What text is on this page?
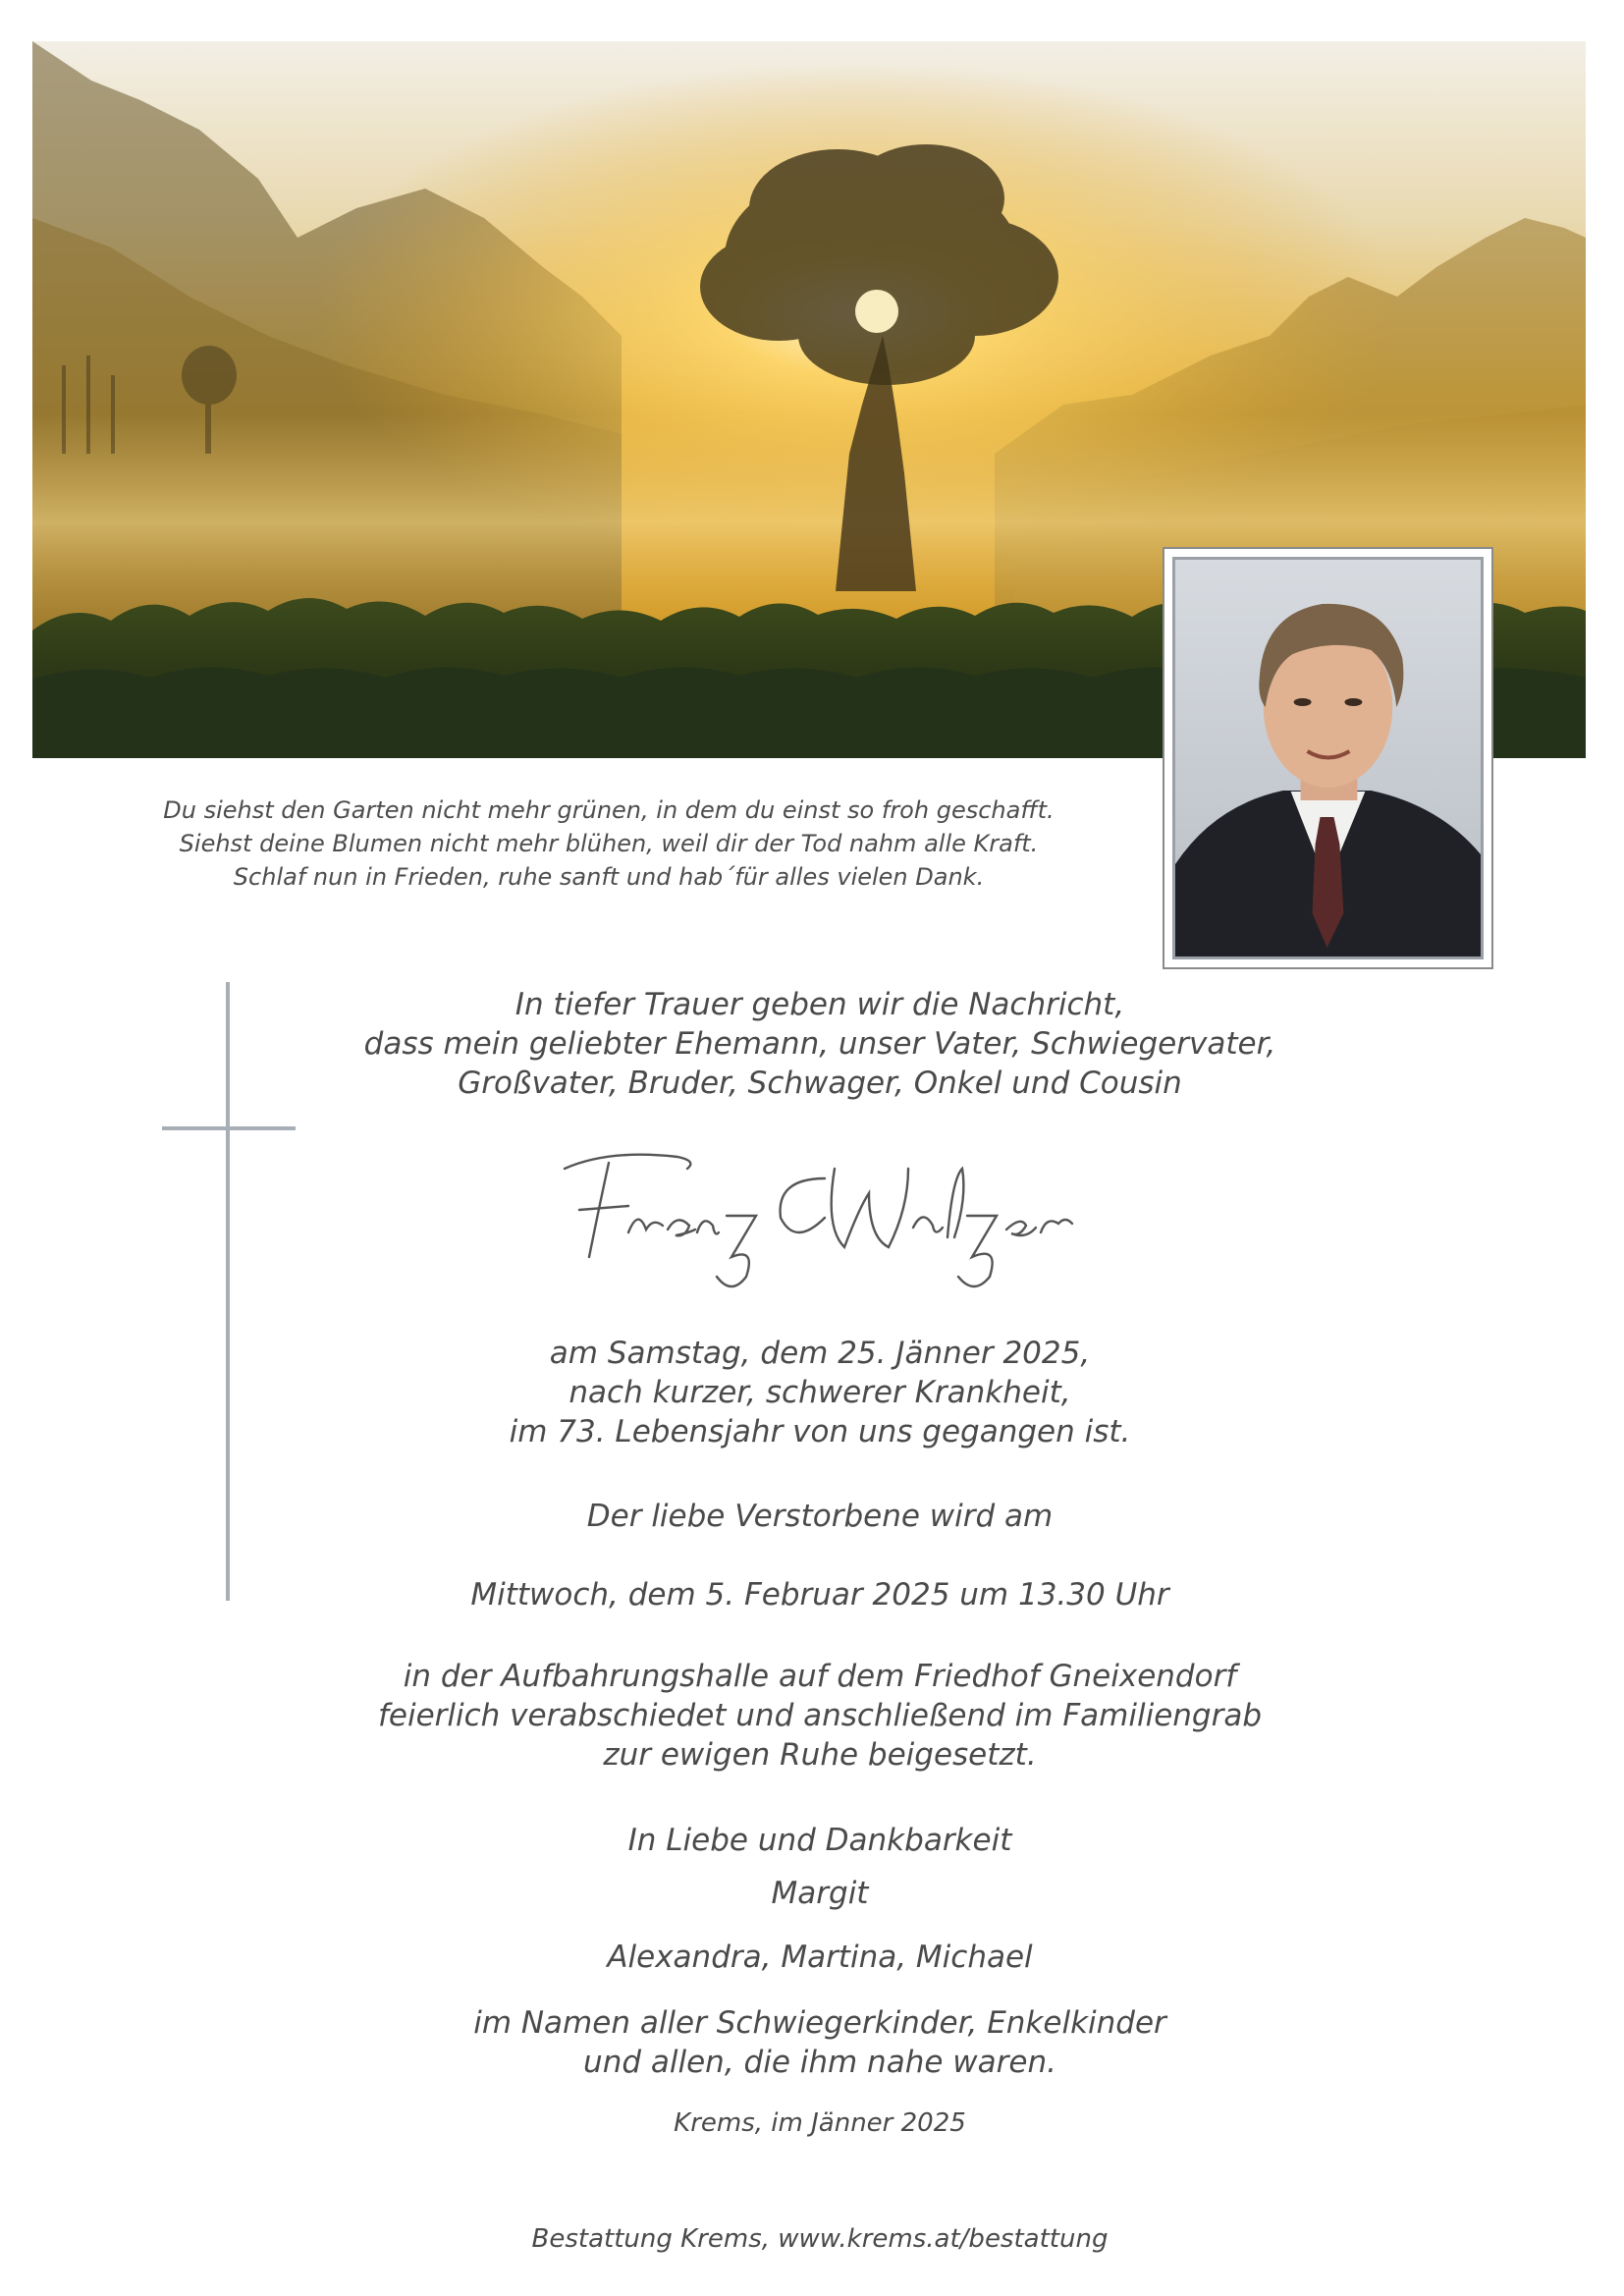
Du siehst den Garten nicht mehr grünen, in dem du einst so froh geschafft.
Siehst deine Blumen nicht mehr blühen, weil dir der Tod nahm alle Kraft.
Schlaf nun in Frieden, ruhe sanft und hab´für alles vielen Dank.
In tiefer Trauer geben wir die Nachricht,
dass mein geliebter Ehemann, unser Vater, Schwiegervater,
Großvater, Bruder, Schwager, Onkel und Cousin
am Samstag, dem 25. Jänner 2025,
nach kurzer, schwerer Krankheit,
im 73. Lebensjahr von uns gegangen ist.
Der liebe Verstorbene wird am
Mittwoch, dem 5. Februar 2025 um 13.30 Uhr
in der Aufbahrungshalle auf dem Friedhof Gneixendorf
feierlich verabschiedet und anschließend im Familiengrab
zur ewigen Ruhe beigesetzt.
In Liebe und Dankbarkeit
Margit
Alexandra, Martina, Michael
im Namen aller Schwiegerkinder, Enkelkinder
und allen, die ihm nahe waren.
Krems, im Jänner 2025
Bestattung Krems, www.krems.at/bestattung
